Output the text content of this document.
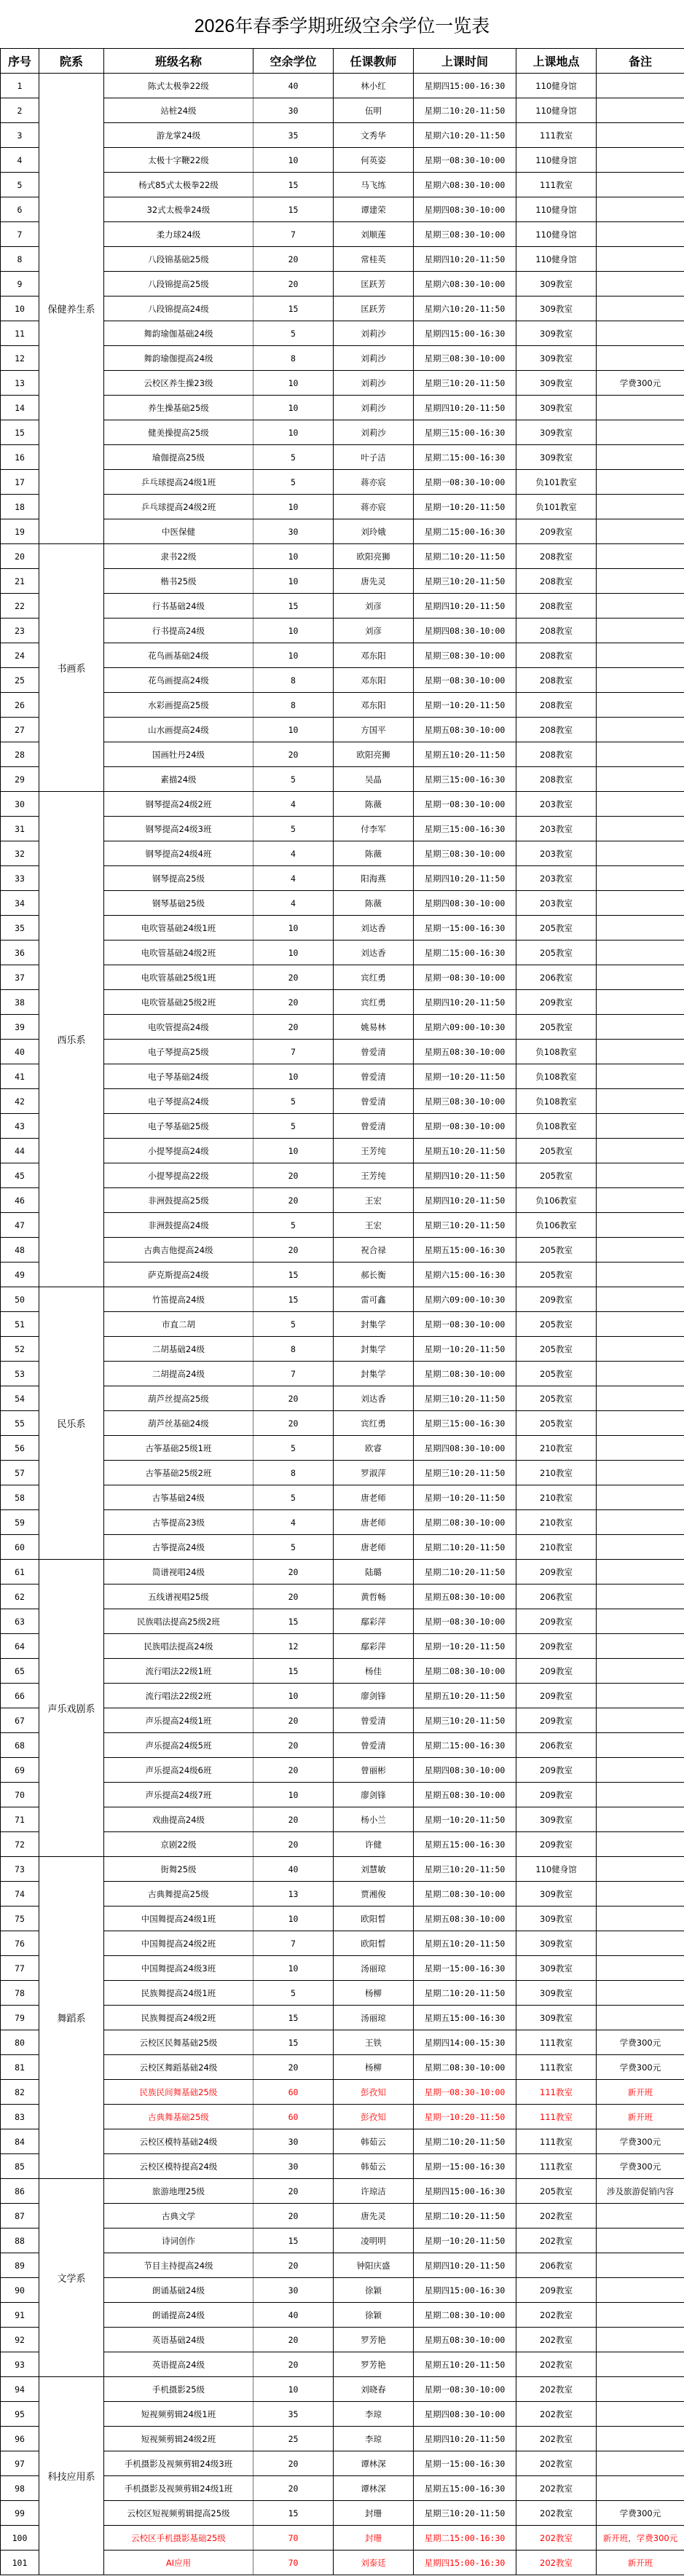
2026年春季学期班级空余学位一览表
序号	院系	班级名称	空余学位	任课教师	上课时间	上课地点	备注
1	保健养生系	陈式太极拳22级	40	林小红	星期四15:00-16:30	110健身馆	
2		站桩24级	30	伍明	星期二10:20-11:50	110健身馆	
3		游龙掌24级	35	文秀华	星期六10:20-11:50	111教室	
4		太极十字鞭22级	10	何英姿	星期一08:30-10:00	110健身馆	
5		杨式85式太极拳22级	15	马飞练	星期六08:30-10:00	111教室	
6		32式太极拳24级	15	谭建荣	星期四08:30-10:00	110健身馆	
7		柔力球24级	7	刘顺莲	星期三08:30-10:00	110健身馆	
8		八段锦基础25级	20	常桂英	星期四10:20-11:50	110健身馆	
9		八段锦提高25级	20	匡跃芳	星期六08:30-10:00	309教室	
10		八段锦提高24级	15	匡跃芳	星期六10:20-11:50	309教室	
11		舞韵瑜伽基础24级	5	刘莉沙	星期四15:00-16:30	309教室	
12		舞韵瑜伽提高24级	8	刘莉沙	星期三08:30-10:00	309教室	
13		云校区养生操23级	10	刘莉沙	星期三10:20-11:50	309教室	学费300元
14		养生操基础25级	10	刘莉沙	星期四10:20-11:50	309教室	
15		健美操提高25级	10	刘莉沙	星期三15:00-16:30	309教室	
16		瑜伽提高25级	5	叶子洁	星期二15:00-16:30	309教室	
17		乒乓球提高24级1班	5	蒋亦宸	星期一08:30-10:00	负101教室	
18		乒乓球提高24级2班	10	蒋亦宸	星期一10:20-11:50	负101教室	
19		中医保健	30	刘玲娥	星期二15:00-16:30	209教室	
20	书画系	隶书22级	10	欧阳亮狮	星期二10:20-11:50	208教室	
21		楷书25级	10	唐先灵	星期三10:20-11:50	208教室	
22		行书基础24级	15	刘彦	星期四10:20-11:50	208教室	
23		行书提高24级	10	刘彦	星期四08:30-10:00	208教室	
24		花鸟画基础24级	10	邓东阳	星期三08:30-10:00	208教室	
25		花鸟画提高24级	8	邓东阳	星期一08:30-10:00	208教室	
26		水彩画提高25级	8	邓东阳	星期一10:20-11:50	208教室	
27		山水画提高24级	10	方国平	星期五08:30-10:00	208教室	
28		国画牡丹24级	20	欧阳亮狮	星期五10:20-11:50	208教室	
29		素描24级	5	吴晶	星期三15:00-16:30	208教室	
30	西乐系	钢琴提高24级2班	4	陈薇	星期一08:30-10:00	203教室	
31		钢琴提高24级3班	5	付李军	星期三15:00-16:30	203教室	
32		钢琴提高24级4班	4	陈薇	星期三08:30-10:00	203教室	
33		钢琴提高25级	4	阳海燕	星期四10:20-11:50	203教室	
34		钢琴基础25级	4	陈薇	星期四08:30-10:00	203教室	
35		电吹管基础24级1班	10	刘达香	星期一15:00-16:30	205教室	
36		电吹管基础24级2班	10	刘达香	星期二15:00-16:30	205教室	
37		电吹管基础25级1班	20	宾红勇	星期一08:30-10:00	206教室	
38		电吹管基础25级2班	20	宾红勇	星期四10:20-11:50	209教室	
39		电吹管提高24级	20	姚易林	星期六09:00-10:30	205教室	
40		电子琴提高25级	7	曾爱清	星期五08:30-10:00	负108教室	
41		电子琴基础24级	10	曾爱清	星期一10:20-11:50	负108教室	
42		电子琴提高24级	5	曾爱清	星期三08:30-10:00	负108教室	
43		电子琴基础25级	5	曾爱清	星期一08:30-10:00	负108教室	
44		小提琴提高24级	10	王芳纯	星期五10:20-11:50	205教室	
45		小提琴提高22级	20	王芳纯	星期四10:20-11:50	205教室	
46		非洲鼓提高25级	20	王宏	星期四10:20-11:50	负106教室	
47		非洲鼓提高24级	5	王宏	星期三10:20-11:50	负106教室	
48		古典吉他提高24级	20	祝合禄	星期五15:00-16:30	205教室	
49		萨克斯提高24级	15	郝长衡	星期六15:00-16:30	205教室	
50	民乐系	竹笛提高24级	15	雷可鑫	星期六09:00-10:30	209教室	
51		市直二胡	5	封集学	星期一08:30-10:00	205教室	
52		二胡基础24级	8	封集学	星期一10:20-11:50	205教室	
53		二胡提高24级	7	封集学	星期二08:30-10:00	205教室	
54		葫芦丝提高25级	20	刘达香	星期三10:20-11:50	205教室	
55		葫芦丝基础24级	20	宾红勇	星期三15:00-16:30	205教室	
56		古筝基础25级1班	5	欧睿	星期四08:30-10:00	210教室	
57		古筝基础25级2班	8	罗淑萍	星期三10:20-11:50	210教室	
58		古筝基础24级	5	唐老师	星期一10:20-11:50	210教室	
59		古筝提高23级	4	唐老师	星期二08:30-10:00	210教室	
60		古筝提高24级	5	唐老师	星期二10:20-11:50	210教室	
61	声乐戏剧系	简谱视唱24级	20	陆璐	星期二10:20-11:50	209教室	
62		五线谱视唱25级	20	黄哲畅	星期五08:30-10:00	206教室	
63		民族唱法提高25级2班	15	鄢彩萍	星期一08:30-10:00	209教室	
64		民族唱法提高24级	12	鄢彩萍	星期一10:20-11:50	209教室	
65		流行唱法22级1班	15	杨佳	星期二08:30-10:00	209教室	
66		流行唱法22级2班	10	廖剑锋	星期五10:20-11:50	209教室	
67		声乐提高24级1班	20	曾爱清	星期三10:20-11:50	209教室	
68		声乐提高24级5班	20	曾爱清	星期二15:00-16:30	206教室	
69		声乐提高24级6班	20	曾丽彬	星期四08:30-10:00	209教室	
70		声乐提高24级7班	10	廖剑锋	星期五08:30-10:00	209教室	
71		戏曲提高24级	20	杨小兰	星期一10:20-11:50	309教室	
72		京剧22级	20	许健	星期五15:00-16:30	209教室	
73	舞蹈系	街舞25级	40	刘慧敏	星期三10:20-11:50	110健身馆	
74		古典舞提高25级	13	贾湘俊	星期二08:30-10:00	309教室	
75		中国舞提高24级1班	10	欧阳晳	星期五08:30-10:00	309教室	
76		中国舞提高24级2班	7	欧阳晳	星期五10:20-11:50	309教室	
77		中国舞提高24级3班	10	汤丽琼	星期一15:00-16:30	309教室	
78		民族舞提高24级1班	5	杨柳	星期二10:20-11:50	309教室	
79		民族舞提高24级2班	15	汤丽琼	星期五15:00-16:30	309教室	
80		云校区民舞基础25级	15	王铁	星期四14:00-15:30	111教室	学费300元
81		云校区舞蹈基础24级	20	杨柳	星期二08:30-10:00	111教室	学费300元
82		民族民间舞基础25级	60	彭孜知	星期一08:30-10:00	111教室	新开班
83		古典舞基础25级	60	彭孜知	星期一10:20-11:50	111教室	新开班
84		云校区模特基础24级	30	韩茹云	星期二10:20-11:50	111教室	学费300元
85		云校区模特提高24级	30	韩茹云	星期一15:00-16:30	111教室	学费300元
86	文学系	旅游地理25级	20	许琼洁	星期四15:00-16:30	205教室	涉及旅游促销内容
87		古典文学	20	唐先灵	星期二10:20-11:50	202教室	
88		诗词创作	15	凌明明	星期一10:20-11:50	202教室	
89		节目主持提高24级	20	钟阳庆盛	星期四10:20-11:50	206教室	
90		朗诵基础24级	30	徐颖	星期四15:00-16:30	209教室	
91		朗诵提高24级	40	徐颖	星期二08:30-10:00	202教室	
92		英语基础24级	20	罗芳艳	星期五08:30-10:00	202教室	
93		英语提高24级	20	罗芳艳	星期五10:20-11:50	202教室	
94	科技应用系	手机摄影25级	10	刘晓春	星期一08:30-10:00	202教室	
95		短视频剪辑24级1班	35	李琼	星期四08:30-10:00	202教室	
96		短视频剪辑24级2班	25	李琼	星期四10:20-11:50	202教室	
97		手机摄影及视频剪辑24级3班	20	谭林深	星期一15:00-16:30	202教室	
98		手机摄影及视频剪辑24级1班	20	谭林深	星期五15:00-16:30	202教室	
99		云校区短视频剪辑提高25级	15	封珊	星期三10:20-11:50	202教室	学费300元
100		云校区手机摄影基础25级	70	封珊	星期二15:00-16:30	202教室	新开班，学费300元
101		AI应用	70	刘泰廷	星期四15:00-16:30	202教室	新开班
